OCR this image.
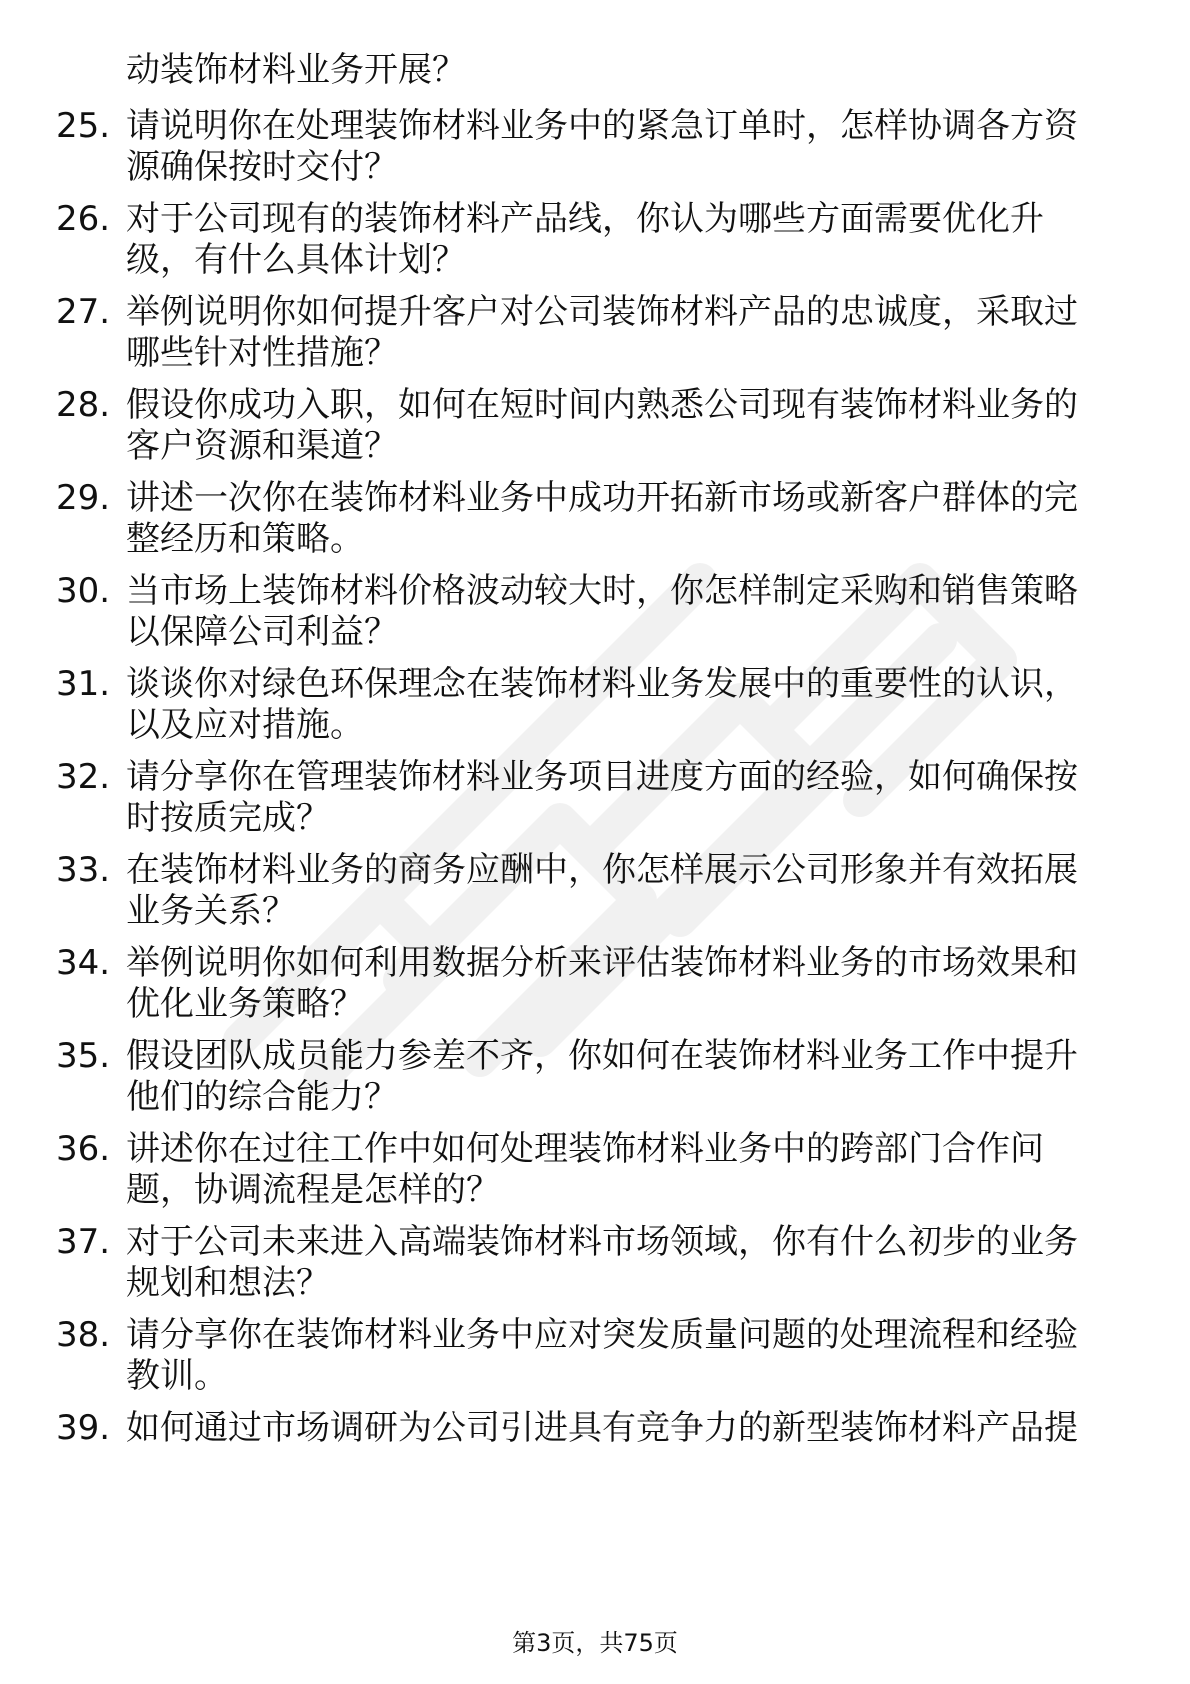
动装饰材料业务开展？
25. 请说明你在处理装饰材料业务中的紧急订单时，怎样协调各方资
源确保按时交付？
26. 对于公司现有的装饰材料产品线，你认为哪些方面需要优化升
级，有什么具体计划？
27. 举例说明你如何提升客户对公司装饰材料产品的忠诚度，采取过
哪些针对性措施？
28. 假设你成功入职，如何在短时间内熟悉公司现有装饰材料业务的
客户资源和渠道？
29. 讲述一次你在装饰材料业务中成功开拓新市场或新客户群体的完
整经历和策略。
30. 当市场上装饰材料价格波动较大时，你怎样制定采购和销售策略
以保障公司利益？
31. 谈谈你对绿色环保理念在装饰材料业务发展中的重要性的认识，
以及应对措施。
32. 请分享你在管理装饰材料业务项目进度方面的经验，如何确保按
时按质完成？
33. 在装饰材料业务的商务应酬中，你怎样展示公司形象并有效拓展
业务关系？
34. 举例说明你如何利用数据分析来评估装饰材料业务的市场效果和
优化业务策略？
35. 假设团队成员能力参差不齐，你如何在装饰材料业务工作中提升
他们的综合能力？
36. 讲述你在过往工作中如何处理装饰材料业务中的跨部门合作问
题，协调流程是怎样的？
37. 对于公司未来进入高端装饰材料市场领域，你有什么初步的业务
规划和想法？
38. 请分享你在装饰材料业务中应对突发质量问题的处理流程和经验
教训。
39. 如何通过市场调研为公司引进具有竞争力的新型装饰材料产品提
第3页，共75页
